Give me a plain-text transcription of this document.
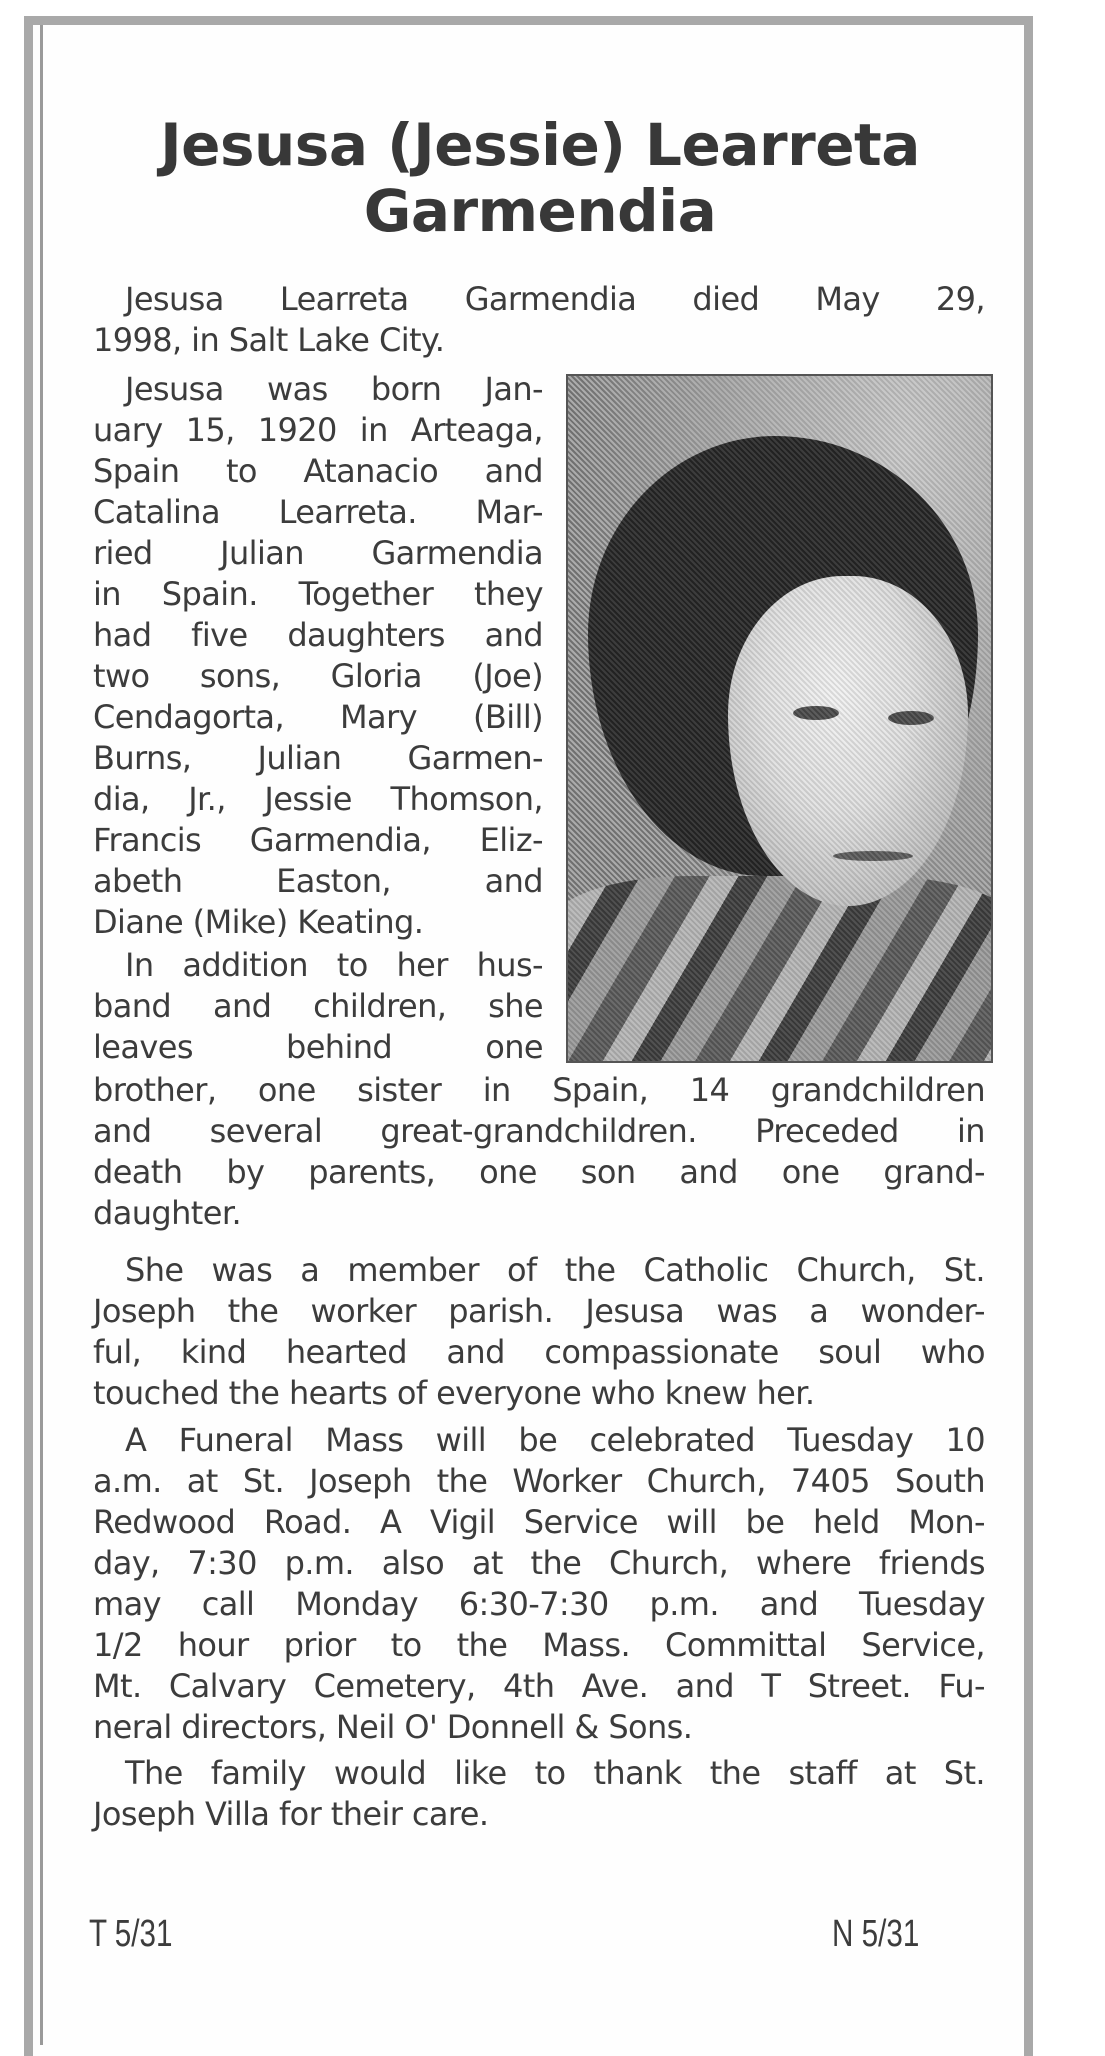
Jesusa (Jessie) Learreta
Garmendia
Jesusa Learreta Garmendia died May 29,
1998, in Salt Lake City.
Jesusa was born Jan-
uary 15, 1920 in Arteaga,
Spain to Atanacio and
Catalina Learreta. Mar-
ried Julian Garmendia
in Spain. Together they
had five daughters and
two sons, Gloria (Joe)
Cendagorta, Mary (Bill)
Burns, Julian Garmen-
dia, Jr., Jessie Thomson,
Francis Garmendia, Eliz-
abeth Easton, and
Diane (Mike) Keating.
In addition to her hus-
band and children, she
leaves behind one
brother, one sister in Spain, 14 grandchildren
and several great-grandchildren. Preceded in
death by parents, one son and one grand-
daughter.
She was a member of the Catholic Church, St.
Joseph the worker parish. Jesusa was a wonder-
ful, kind hearted and compassionate soul who
touched the hearts of everyone who knew her.
A Funeral Mass will be celebrated Tuesday 10
a.m. at St. Joseph the Worker Church, 7405 South
Redwood Road. A Vigil Service will be held Mon-
day, 7:30 p.m. also at the Church, where friends
may call Monday 6:30-7:30 p.m. and Tuesday
1/2 hour prior to the Mass. Committal Service,
Mt. Calvary Cemetery, 4th Ave. and T Street. Fu-
neral directors, Neil O' Donnell & Sons.
The family would like to thank the staff at St.
Joseph Villa for their care.
T 5/31	N 5/31
